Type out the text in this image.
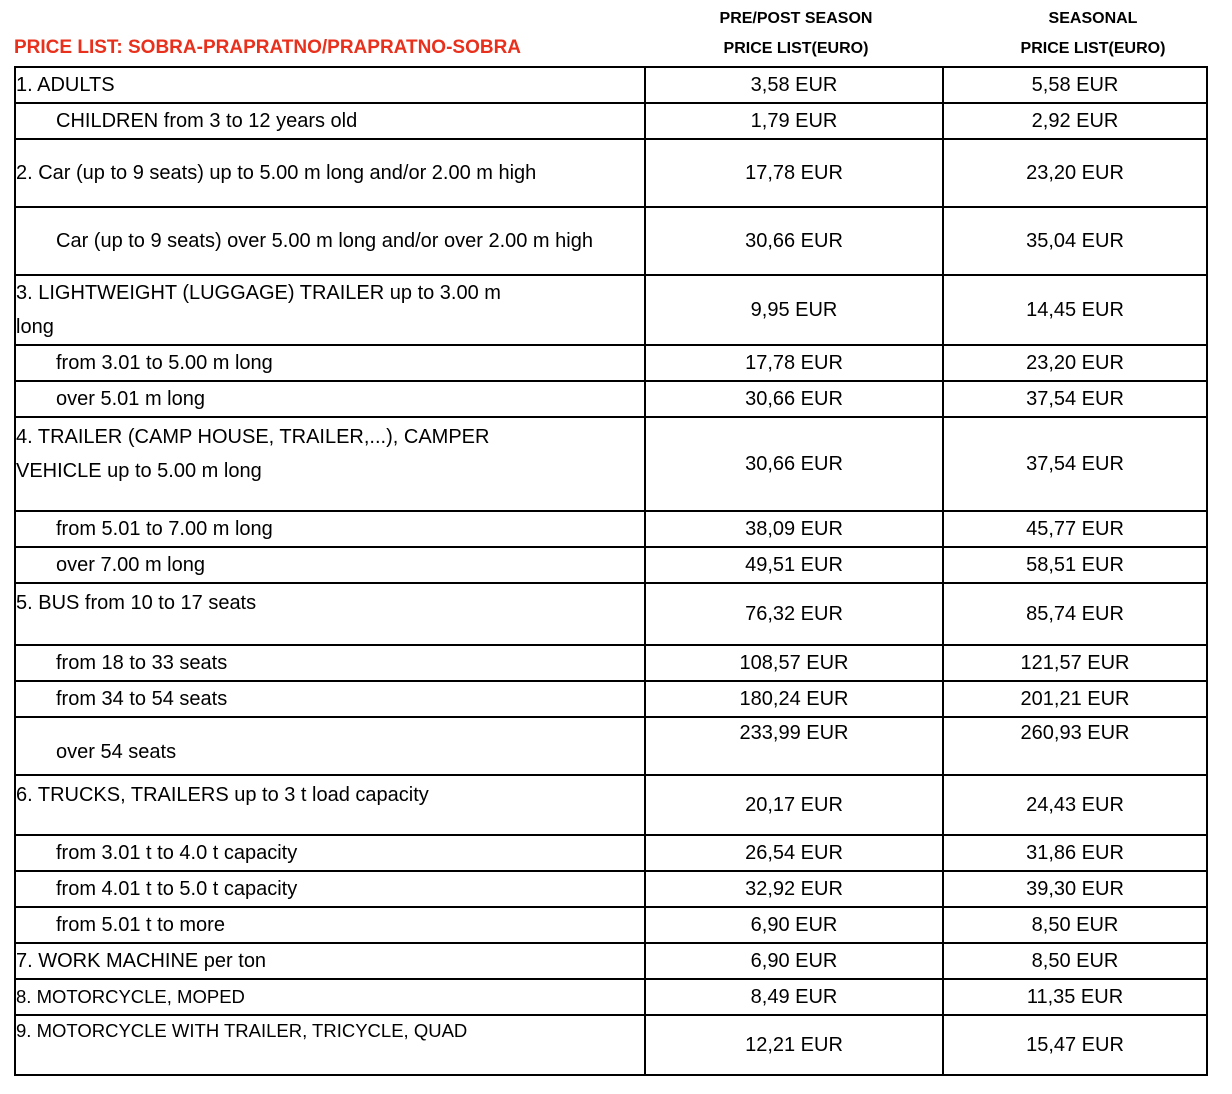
PRICE LIST: SOBRA-PRAPRATNO/PRAPRATNO-SOBRA
PRE/POST SEASON
PRICE LIST(EURO)
SEASONAL
PRICE LIST(EURO)
1. ADULTS	3,58 EUR	5,58 EUR
CHILDREN from 3 to 12 years old	1,79 EUR	2,92 EUR
2. Car (up to 9 seats) up to 5.00 m long and/or 2.00 m high	17,78 EUR	23,20 EUR
Car (up to 9 seats) over 5.00 m long and/or over 2.00 m high	30,66 EUR	35,04 EUR
3. LIGHTWEIGHT (LUGGAGE) TRAILER up to 3.00 m long	9,95 EUR	14,45 EUR
from 3.01 to 5.00 m long	17,78 EUR	23,20 EUR
over 5.01 m long	30,66 EUR	37,54 EUR
4. TRAILER (CAMP HOUSE, TRAILER,...), CAMPER VEHICLE up to 5.00 m long	30,66 EUR	37,54 EUR
from 5.01 to 7.00 m long	38,09 EUR	45,77 EUR
over 7.00 m long	49,51 EUR	58,51 EUR
5. BUS from 10 to 17 seats	76,32 EUR	85,74 EUR
from 18 to 33 seats	108,57 EUR	121,57 EUR
from 34 to 54 seats	180,24 EUR	201,21 EUR
over 54 seats	233,99 EUR	260,93 EUR
6. TRUCKS, TRAILERS up to 3 t load capacity	20,17 EUR	24,43 EUR
from 3.01 t to 4.0 t capacity	26,54 EUR	31,86 EUR
from 4.01 t to 5.0 t capacity	32,92 EUR	39,30 EUR
from 5.01 t to more	6,90 EUR	8,50 EUR
7. WORK MACHINE per ton	6,90 EUR	8,50 EUR
8. MOTORCYCLE, MOPED	8,49 EUR	11,35 EUR
9. MOTORCYCLE WITH TRAILER, TRICYCLE, QUAD	12,21 EUR	15,47 EUR
